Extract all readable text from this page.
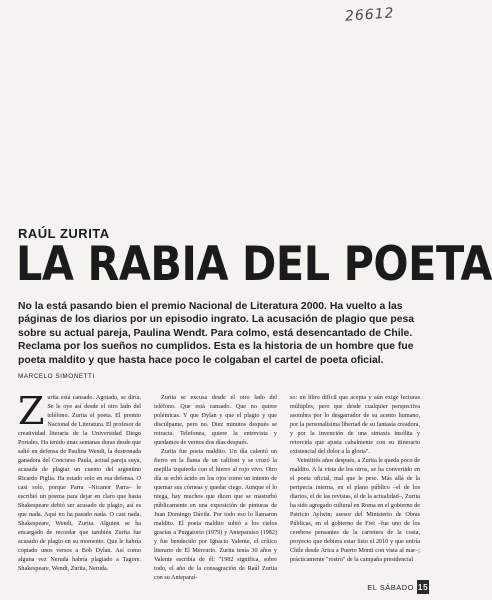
26612
RAÚL ZURITA
LA RABIA DEL POETA
No la está pasando bien el premio Nacional de Literatura 2000. Ha vuelto a las páginas de los diarios por un episodio ingrato. La acusación de plagio que pesa sobre su actual pareja, Paulina Wendt. Para colmo, está desencantado de Chile. Reclama por los sueños no cumplidos. Esta es la historia de un hombre que fue poeta maldito y que hasta hace poco le colgaban el cartel de poeta oficial.
MARCELO SIMONETTI
Z urita está cansado. Agotado, se diría. Se le oye así desde el otro lado del teléfono. Zurita el poeta. El premio Nacional de Literatura. El profesor de creatividad literaria de la Universidad Diego Portales. Ha tenido unas semanas duras desde que salió en defensa de Paulina Wendt, la destronada ganadora del Concurso Paula, actual pareja suya, acusada de plagiar un cuento del argentino Ricardo Piglia. Ha estado solo en esa defensa. O casi solo, porque Parra –Nicanor Parra– le escribió un poema para dejar en claro que hasta Shakespeare debió ser acusado de plagio, así es que nada. Aquí no ha pasado nada. O casi nada. Shakespeare, Wendt, Zurita. Alguien se ha encargado de recordar que también Zurita fue acusado de plagio en su momento. Que le habría copiado unos versos a Bob Dylan. Así como alguna vez Neruda habría plagiado a Tagore. Shakespeare, Wendt, Zurita, Neruda.

Zurita se excusa desde el otro lado del teléfono. Que está cansado. Que no quiere polémicas. Y que Dylan y que el plagio y que discúlpame, pero no. Diez minutos después se retracta. Telefonea, quiere la entrevista y quedamos de vernos dos días después.

Zurita fue poeta maldito. Un día calentó un fierro en la llama de un califont y se cruzó la mejilla izquierda con el hierro al rojo vivo. Otro día se echó ácido en los ojos como un intento de quemar sus córneas y quedar ciego. Aunque el lo niega, hay muchos que dicen que se masturbó públicamente en una exposición de pinturas de Juan Domingo Dávila. Por todo eso lo llamaron maldito. El poeta maldito subió a los cielos gracias a Purgatorio (1979) y Anteparaíso (1982) y fue bendecido por Ignacio Valente, el crítico literario de El Mercurio. Zurita tenía 30 años y Valente escribía de él: "1982 significa, sobre todo, el año de la consagración de Raúl Zurita con su Anteparaí-

so: un libro difícil que acepta y aún exige lecturas múltiples, pero que desde cualquier perspectiva asombra por lo desgarrador de su acento humano, por la personalísima libertad de su fantasía creadora, y por la invención de una sintaxis insólita y retorcida que ajusta cabalmente con su itinerario existencial del dolor a la gloria".

Veintitrés años después, a Zurita le queda poco de maldito. A la vista de los otros, se ha convertido en el poeta oficial, mal que le pese. Más allá de la peripecia interna, en el plano público –el de los diarios, el de las revistas, el de la actualidad–, Zurita ha sido agregado cultural en Roma en el gobierno de Patricio Aylwin; asesor del Ministerio de Obras Públicas, en el gobierno de Frei –fue uno de los cerebros pensantes de la carretera de la costa, proyecto que debiera estar listo el 2010 y que uniría Chile desde Arica a Puerto Montt con vista al mar–; prácticamente "rostro" de la campaña presidencial

EL SÁBADO 15
